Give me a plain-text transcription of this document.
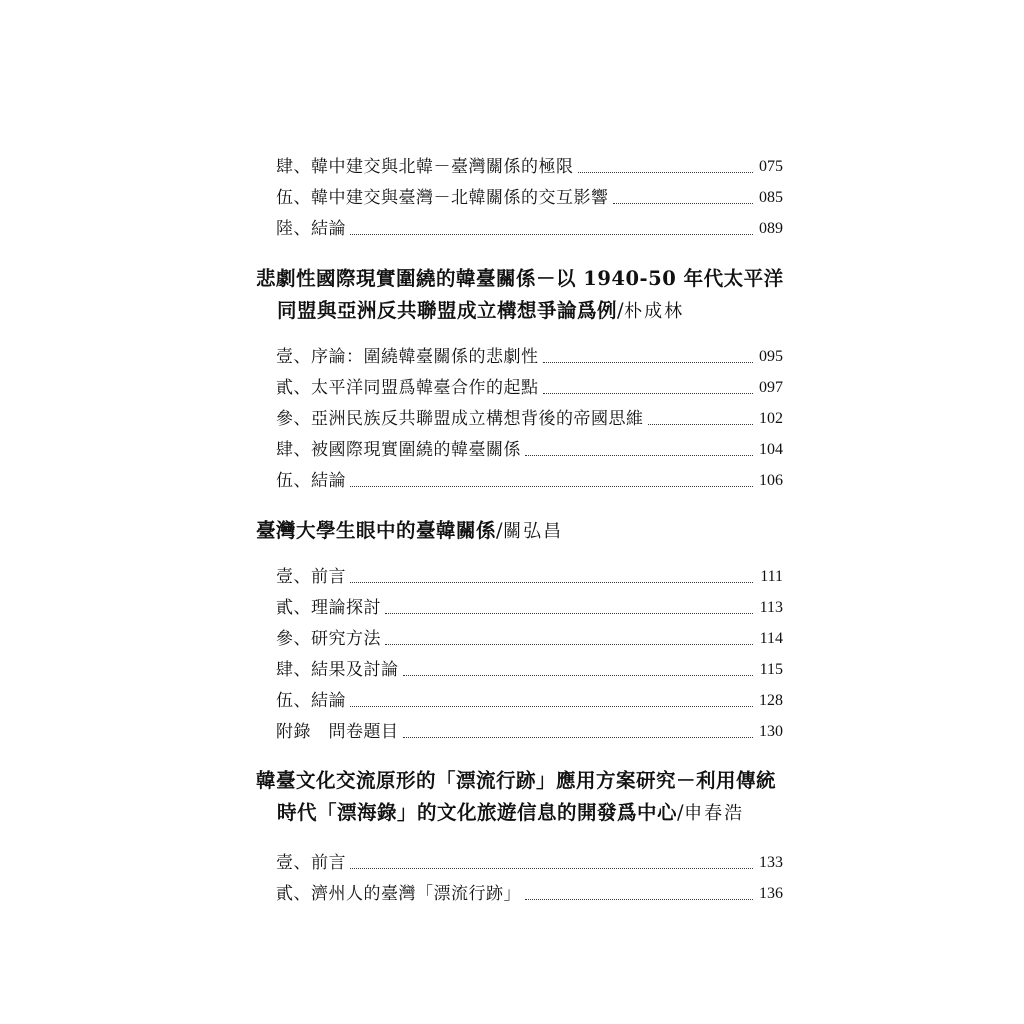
肆、韓中建交與北韓－臺灣關係的極限	075
伍、韓中建交與臺灣－北韓關係的交互影響	085
陸、結論	089
悲劇性國際現實圍繞的韓臺關係－以 1940-50 年代太平洋
同盟與亞洲反共聯盟成立構想爭論爲例/朴成林
壹、序論：圍繞韓臺關係的悲劇性	095
貳、太平洋同盟爲韓臺合作的起點	097
參、亞洲民族反共聯盟成立構想背後的帝國思維	102
肆、被國際現實圍繞的韓臺關係	104
伍、結論	106
臺灣大學生眼中的臺韓關係/關弘昌
壹、前言	111
貳、理論探討	113
參、研究方法	114
肆、結果及討論	115
伍、結論	128
附錄　問卷題目	130
韓臺文化交流原形的「漂流行跡」應用方案研究－利用傳統
時代「漂海錄」的文化旅遊信息的開發爲中心/申春浩
壹、前言	133
貳、濟州人的臺灣「漂流行跡」	136
